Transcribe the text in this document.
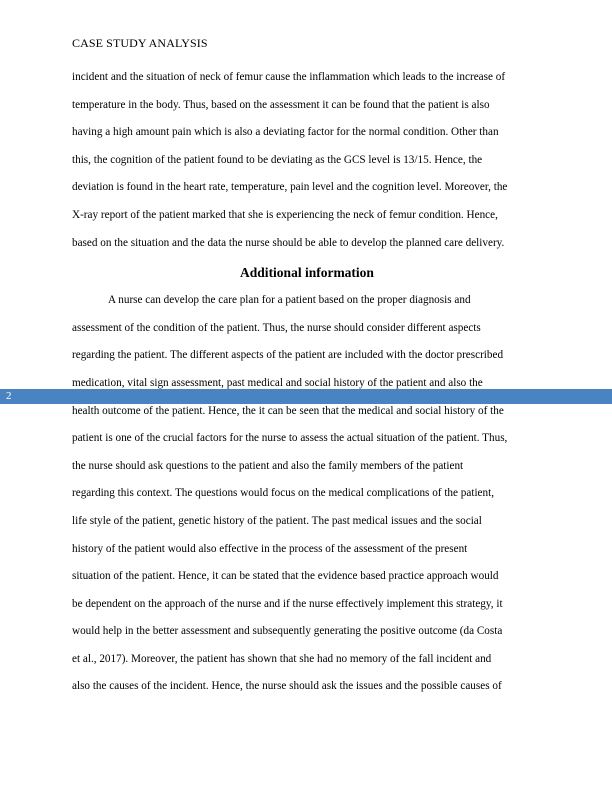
CASE STUDY ANALYSIS
incident and the situation of neck of femur cause the inflammation which leads to the increase of
temperature in the body. Thus, based on the assessment it can be found that the patient is also
having a high amount pain which is also a deviating factor for the normal condition. Other than
this, the cognition of the patient found to be deviating as the GCS level is 13/15. Hence, the
deviation is found in the heart rate, temperature, pain level and the cognition level. Moreover, the
X-ray report of the patient marked that she is experiencing the neck of femur condition. Hence,
based on the situation and the data the nurse should be able to develop the planned care delivery.
Additional information
A nurse can develop the care plan for a patient based on the proper diagnosis and
assessment of the condition of the patient. Thus, the nurse should consider different aspects
regarding the patient. The different aspects of the patient are included with the doctor prescribed
medication, vital sign assessment, past medical and social history of the patient and also the
health outcome of the patient. Hence, the it can be seen that the medical and social history of the
patient is one of the crucial factors for the nurse to assess the actual situation of the patient. Thus,
the nurse should ask questions to the patient and also the family members of the patient
regarding this context. The questions would focus on the medical complications of the patient,
life style of the patient, genetic history of the patient. The past medical issues and the social
history of the patient would also effective in the process of the assessment of the present
situation of the patient. Hence, it can be stated that the evidence based practice approach would
be dependent on the approach of the nurse and if the nurse effectively implement this strategy, it
would help in the better assessment and subsequently generating the positive outcome (da Costa
et al., 2017). Moreover, the patient has shown that she had no memory of the fall incident and
also the causes of the incident. Hence, the nurse should ask the issues and the possible causes of
2
